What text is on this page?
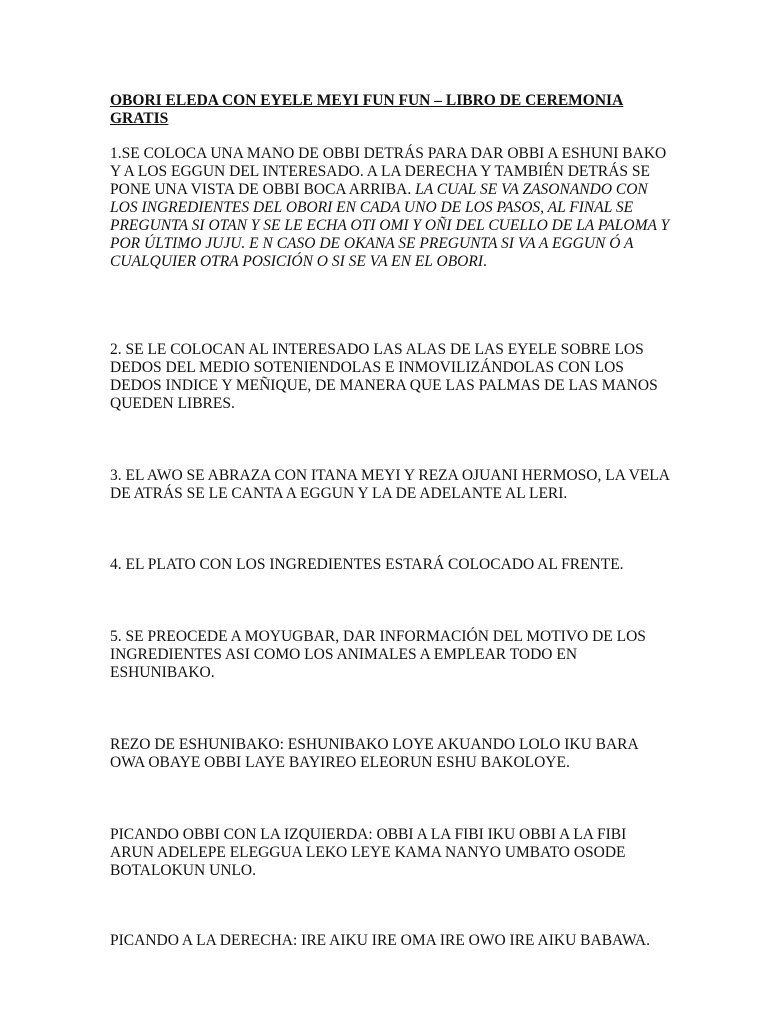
OBORI ELEDA CON EYELE MEYI FUN FUN – LIBRO DE CEREMONIA
GRATIS

1.SE COLOCA UNA MANO DE OBBI DETRÁS PARA DAR OBBI A ESHUNI BAKO Y A LOS EGGUN DEL INTERESADO. A LA DERECHA Y TAMBIÉN DETRÁS SE PONE UNA VISTA DE OBBI BOCA ARRIBA. LA CUAL SE VA ZASONANDO CON LOS INGREDIENTES DEL OBORI EN CADA UNO DE LOS PASOS, AL FINAL SE PREGUNTA SI OTAN Y SE LE ECHA OTI OMI Y OÑI DEL CUELLO DE LA PALOMA Y POR ÚLTIMO JUJU. E N CASO DE OKANA SE PREGUNTA SI VA A EGGUN Ó A CUALQUIER OTRA POSICIÓN O SI SE VA EN EL OBORI.

2. SE LE COLOCAN AL INTERESADO LAS ALAS DE LAS EYELE SOBRE LOS DEDOS DEL MEDIO SOTENIENDOLAS E INMOVILIZÁNDOLAS CON LOS DEDOS INDICE Y MEÑIQUE, DE MANERA QUE LAS PALMAS DE LAS MANOS QUEDEN LIBRES.

3. EL AWO SE ABRAZA CON ITANA MEYI Y REZA OJUANI HERMOSO, LA VELA DE ATRÁS SE LE CANTA A EGGUN Y LA DE ADELANTE AL LERI.

4. EL PLATO CON LOS INGREDIENTES ESTARÁ COLOCADO AL FRENTE.

5. SE PREOCEDE A MOYUGBAR, DAR INFORMACIÓN DEL MOTIVO DE LOS INGREDIENTES ASI COMO LOS ANIMALES A EMPLEAR TODO EN ESHUNIBAKO.

REZO DE ESHUNIBAKO: ESHUNIBAKO LOYE AKUANDO LOLO IKU BARA OWA OBAYE OBBI LAYE BAYIREO ELEORUN ESHU BAKOLOYE.

PICANDO OBBI CON LA IZQUIERDA: OBBI A LA FIBI IKU OBBI A LA FIBI ARUN ADELEPE ELEGGUA LEKO LEYE KAMA NANYO UMBATO OSODE BOTALOKUN UNLO.

PICANDO A LA DERECHA: IRE AIKU IRE OMA IRE OWO IRE AIKU BABAWA.
